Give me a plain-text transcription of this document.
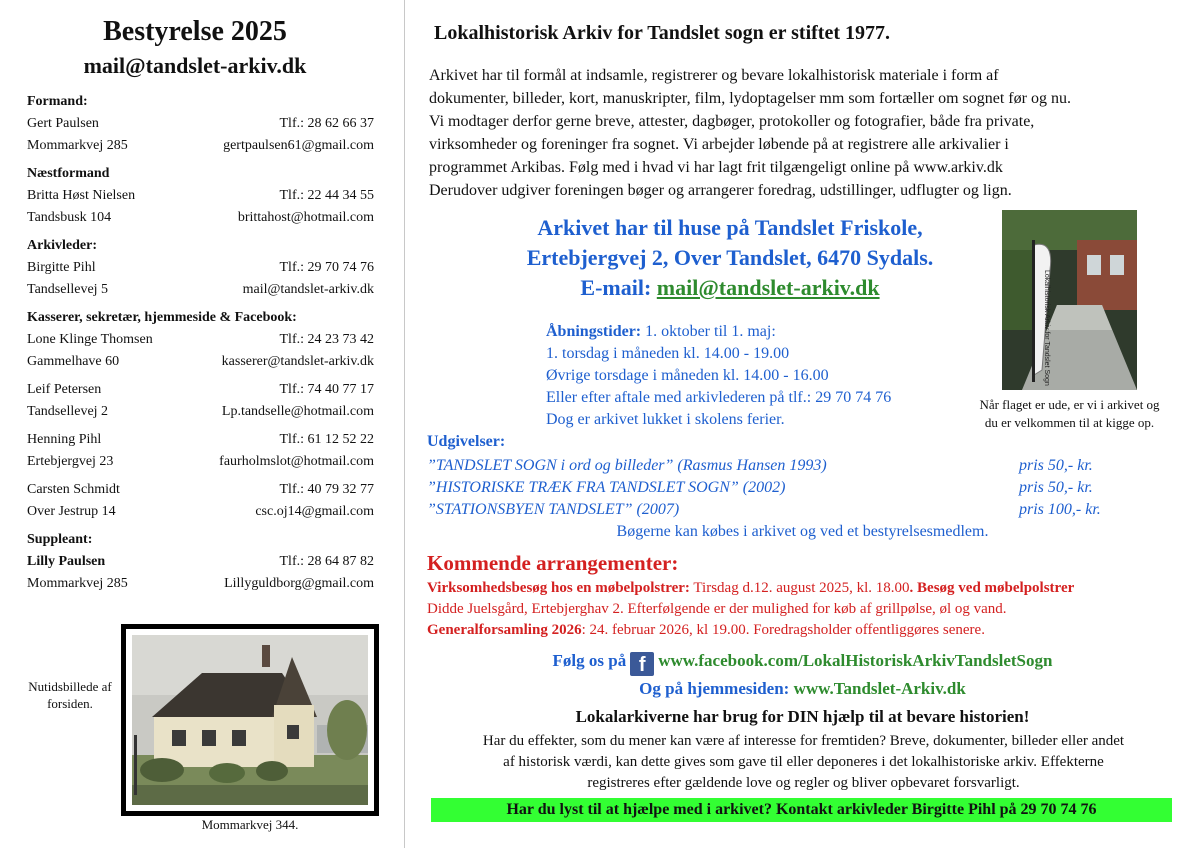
Bestyrelse 2025
mail@tandslet-arkiv.dk
Formand:
Gert Paulsen	Tlf.: 28 62 66 37
Mommarkvej 285	gertpaulsen61@gmail.com
Næstformand
Britta Høst Nielsen	Tlf.: 22 44 34 55
Tandsbusk 104	brittahost@hotmail.com
Arkivleder:
Birgitte Pihl	Tlf.: 29 70 74 76
Tandsellevej 5	mail@tandslet-arkiv.dk
Kasserer, sekretær, hjemmeside & Facebook:
Lone Klinge Thomsen	Tlf.: 24 23 73 42
Gammelhave 60	kasserer@tandslet-arkiv.dk
Leif Petersen	Tlf.: 74 40 77 17
Tandsellevej 2	Lp.tandselle@hotmail.com
Henning Pihl	Tlf.: 61 12 52 22
Ertebjergvej 23	faurholmslot@hotmail.com
Carsten Schmidt	Tlf.: 40 79 32 77
Over Jestrup 14	csc.oj14@gmail.com
Suppleant:
Lilly Paulsen	Tlf.: 28 64 87 82
Mommarkvej 285	Lillyguldborg@gmail.com
Nutidsbillede af forsiden.
Mommarkvej 344.
Lokalhistorisk Arkiv for Tandslet sogn er stiftet 1977.
Arkivet har til formål at indsamle, registrerer og bevare lokalhistorisk materiale i form af
dokumenter, billeder, kort, manuskripter, film, lydoptagelser mm som fortæller om sognet før og nu.
Vi modtager derfor gerne breve, attester, dagbøger, protokoller og fotografier, både fra private,
virksomheder og foreninger fra sognet. Vi arbejder løbende på at registrere alle arkivalier i
programmet Arkibas. Følg med i hvad vi har lagt frit tilgængeligt online på www.arkiv.dk
Derudover udgiver foreningen bøger og arrangerer foredrag, udstillinger, udflugter og lign.
Arkivet har til huse på Tandslet Friskole,
Ertebjergvej 2, Over Tandslet, 6470 Sydals.
E-mail: mail@tandslet-arkiv.dk	Lokalhistorisk Arkiv for Tandslet Sogn
Når flaget er ude, er vi i arkivet og du er velkommen til at kigge op.
Åbningstider: 1. oktober til 1. maj:
1. torsdag i måneden kl. 14.00 - 19.00
Øvrige torsdage i måneden kl. 14.00 - 16.00
Eller efter aftale med arkivlederen på tlf.: 29 70 74 76
Dog er arkivet lukket i skolens ferier.
Udgivelser:
”TANDSLET SOGN i ord og billeder” (Rasmus Hansen 1993)	pris 50,- kr.
”HISTORISKE TRÆK FRA TANDSLET SOGN” (2002)	pris 50,- kr.
”STATIONSBYEN TANDSLET” (2007)	pris 100,- kr.
Bøgerne kan købes i arkivet og ved et bestyrelsesmedlem.
Kommende arrangementer:
Virksomhedsbesøg hos en møbelpolstrer: Tirsdag d.12. august 2025, kl. 18.00. Besøg ved møbelpolstrer
Didde Juelsgård, Ertebjerghav 2. Efterfølgende er der mulighed for køb af grillpølse, øl og vand.
Generalforsamling 2026: 24. februar 2026, kl 19.00. Foredragsholder offentliggøres senere.
Følg os på f www.facebook.com/LokalHistoriskArkivTandsletSogn
Og på hjemmesiden: www.Tandslet-Arkiv.dk
Lokalarkiverne har brug for DIN hjælp til at bevare historien!
Har du effekter, som du mener kan være af interesse for fremtiden? Breve, dokumenter, billeder eller andet
af historisk værdi, kan dette gives som gave til eller deponeres i det lokalhistoriske arkiv. Effekterne
registreres efter gældende love og regler og bliver opbevaret forsvarligt.
Har du lyst til at hjælpe med i arkivet? Kontakt arkivleder Birgitte Pihl på 29 70 74 76
